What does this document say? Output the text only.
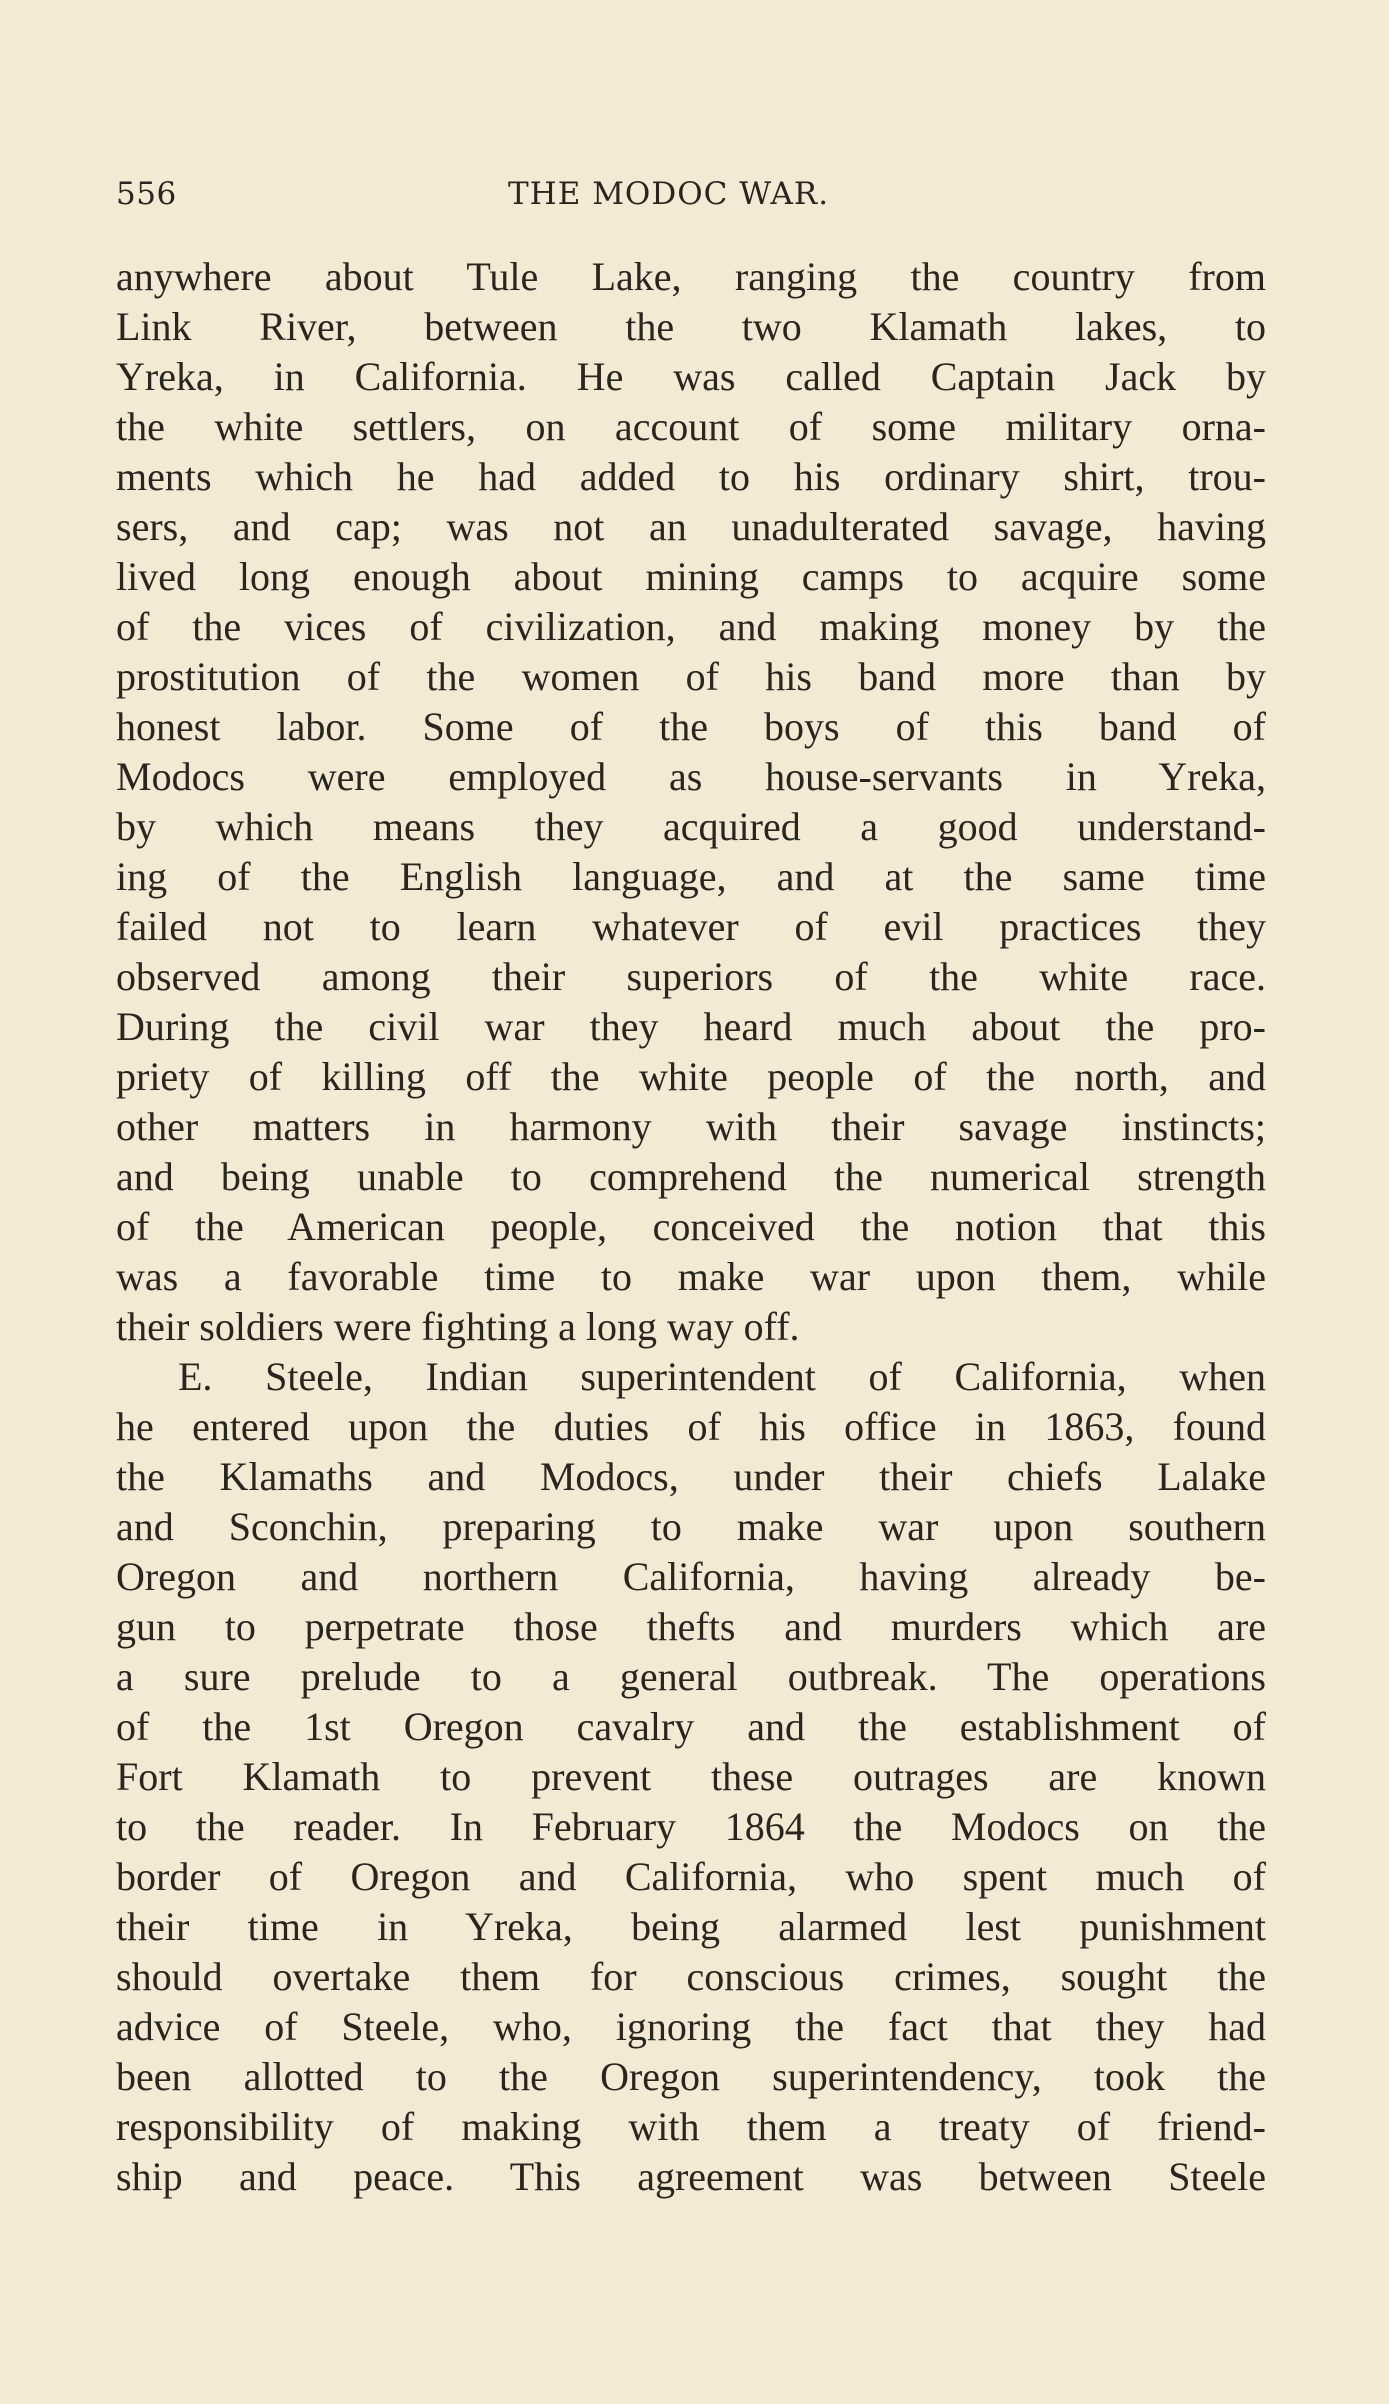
556	THE MODOC WAR.
anywhere about Tule Lake, ranging the country from
Link River, between the two Klamath lakes, to
Yreka, in California. He was called Captain Jack by
the white settlers, on account of some military orna-
ments which he had added to his ordinary shirt, trou-
sers, and cap; was not an unadulterated savage, having
lived long enough about mining camps to acquire some
of the vices of civilization, and making money by the
prostitution of the women of his band more than by
honest labor. Some of the boys of this band of
Modocs were employed as house-servants in Yreka,
by which means they acquired a good understand-
ing of the English language, and at the same time
failed not to learn whatever of evil practices they
observed among their superiors of the white race.
During the civil war they heard much about the pro-
priety of killing off the white people of the north, and
other matters in harmony with their savage instincts;
and being unable to comprehend the numerical strength
of the American people, conceived the notion that this
was a favorable time to make war upon them, while
their soldiers were fighting a long way off.
E. Steele, Indian superintendent of California, when
he entered upon the duties of his office in 1863, found
the Klamaths and Modocs, under their chiefs Lalake
and Sconchin, preparing to make war upon southern
Oregon and northern California, having already be-
gun to perpetrate those thefts and murders which are
a sure prelude to a general outbreak. The operations
of the 1st Oregon cavalry and the establishment of
Fort Klamath to prevent these outrages are known
to the reader. In February 1864 the Modocs on the
border of Oregon and California, who spent much of
their time in Yreka, being alarmed lest punishment
should overtake them for conscious crimes, sought the
advice of Steele, who, ignoring the fact that they had
been allotted to the Oregon superintendency, took the
responsibility of making with them a treaty of friend-
ship and peace. This agreement was between Steele
